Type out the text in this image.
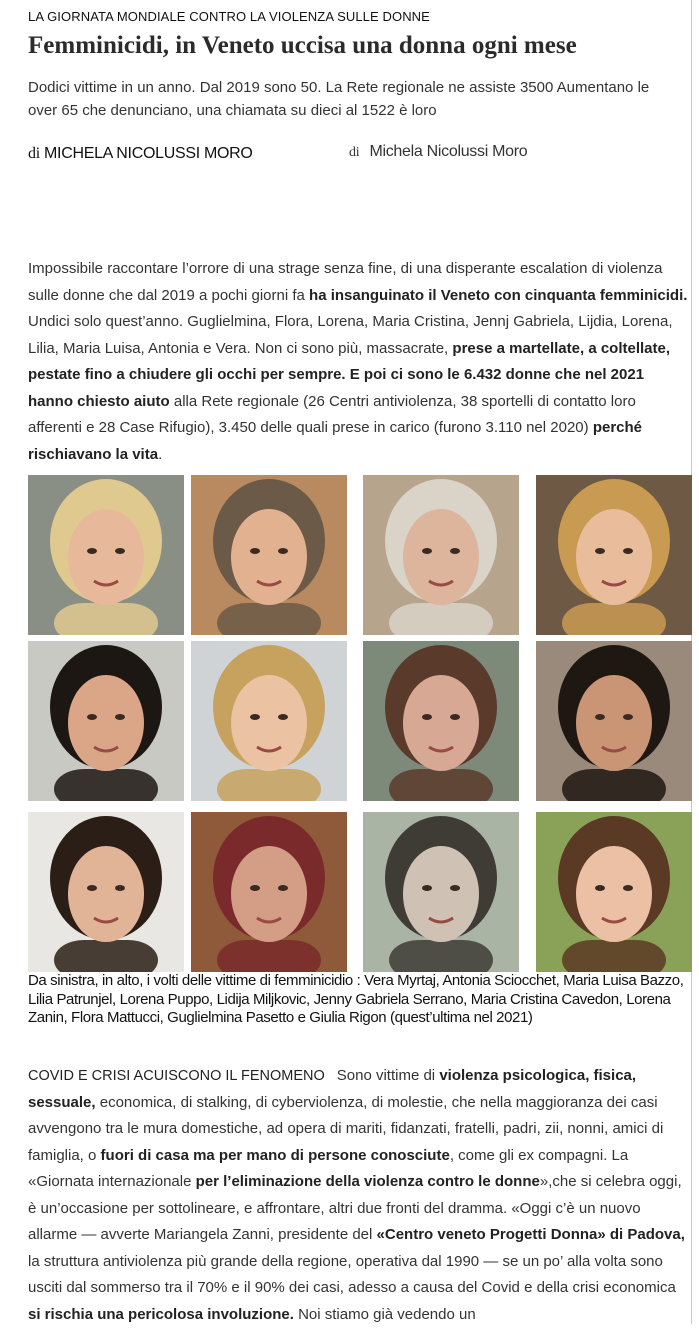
LA GIORNATA MONDIALE CONTRO LA VIOLENZA SULLE DONNE
Femminicidi, in Veneto uccisa una donna ogni mese

Dodici vittime in un anno. Dal 2019 sono 50. La Rete regionale ne assiste 3500 Aumentano le over 65 che denunciano, una chiamata su dieci al 1522 è loro

di MICHELA NICOLUSSI MORO	di Michela Nicolussi Moro

Impossibile raccontare l’orrore di una strage senza fine, di una disperante escalation di violenza sulle donne che dal 2019 a pochi giorni fa ha insanguinato il Veneto con cinquanta femminicidi. Undici solo quest’anno. Guglielmina, Flora, Lorena, Maria Cristina, Jennj Gabriela, Lijdia, Lorena, Lilia, Maria Luisa, Antonia e Vera. Non ci sono più, massacrate, prese a martellate, a coltellate, pestate fino a chiudere gli occhi per sempre. E poi ci sono le 6.432 donne che nel 2021 hanno chiesto aiuto alla Rete regionale (26 Centri antiviolenza, 38 sportelli di contatto loro afferenti e 28 Case Rifugio), 3.450 delle quali prese in carico (furono 3.110 nel 2020) perché rischiavano la vita.

Da sinistra, in alto, i volti delle vittime di femminicidio : Vera Myrtaj, Antonia Sciocchet, Maria Luisa Bazzo, Lilia Patrunjel, Lorena Puppo, Lidija Miljkovic, Jenny Gabriela Serrano, Maria Cristina Cavedon, Lorena Zanin, Flora Mattucci, Guglielmina Pasetto e Giulia Rigon (quest’ultima nel 2021)

COVID E CRISI ACUISCONO IL FENOMENO Sono vittime di violenza psicologica, fisica, sessuale, economica, di stalking, di cyberviolenza, di molestie, che nella maggioranza dei casi avvengono tra le mura domestiche, ad opera di mariti, fidanzati, fratelli, padri, zii, nonni, amici di famiglia, o fuori di casa ma per mano di persone conosciute, come gli ex compagni. La «Giornata internazionale per l’eliminazione della violenza contro le donne»,che si celebra oggi, è un’occasione per sottolineare, e affrontare, altri due fronti del dramma. «Oggi c’è un nuovo allarme — avverte Mariangela Zanni, presidente del «Centro veneto Progetti Donna» di Padova, la struttura antiviolenza più grande della regione, operativa dal 1990 — se un po’ alla volta sono usciti dal sommerso tra il 70% e il 90% dei casi, adesso a causa del Covid e della crisi economica si rischia una pericolosa involuzione. Noi stiamo già vedendo un
